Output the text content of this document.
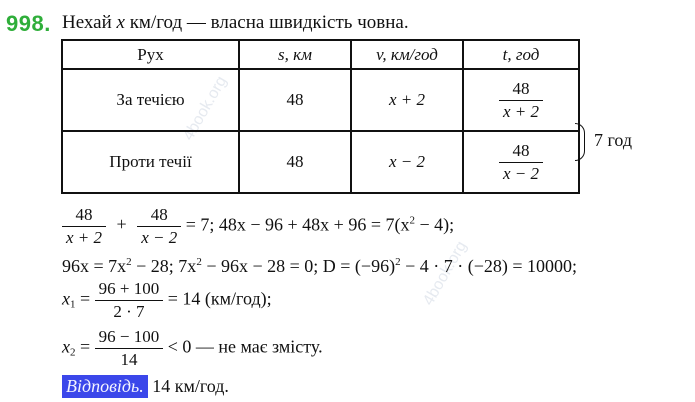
4book.org
4book.org
998. Нехай x км/год — власна швидкість човна.
Рух	s, км	v, км/год	t, год
За течією	48	x + 2	$\frac{48}{x + 2}$

Проти течії	48	x − 2	$\frac{48}{x - 2}$
7 год
$\frac{48}{x + 2} + \frac{48}{x - 2} = 7$; $48x - 96 + 48x + 96 = 7(x^2 - 4)$;
$96x = 7x^2 - 28$; $7x^2 - 96x - 28 = 0$; $D = (-96)^2 - 4 \cdot 7 \cdot (-28) = 10000$;
$x_1 = \frac{96 + 100}{2 \cdot 7} = 14$ (км/год);
$x_2 = \frac{96 - 100}{14} < 0$ — не має змісту.
Відповідь. 14 км/год.
